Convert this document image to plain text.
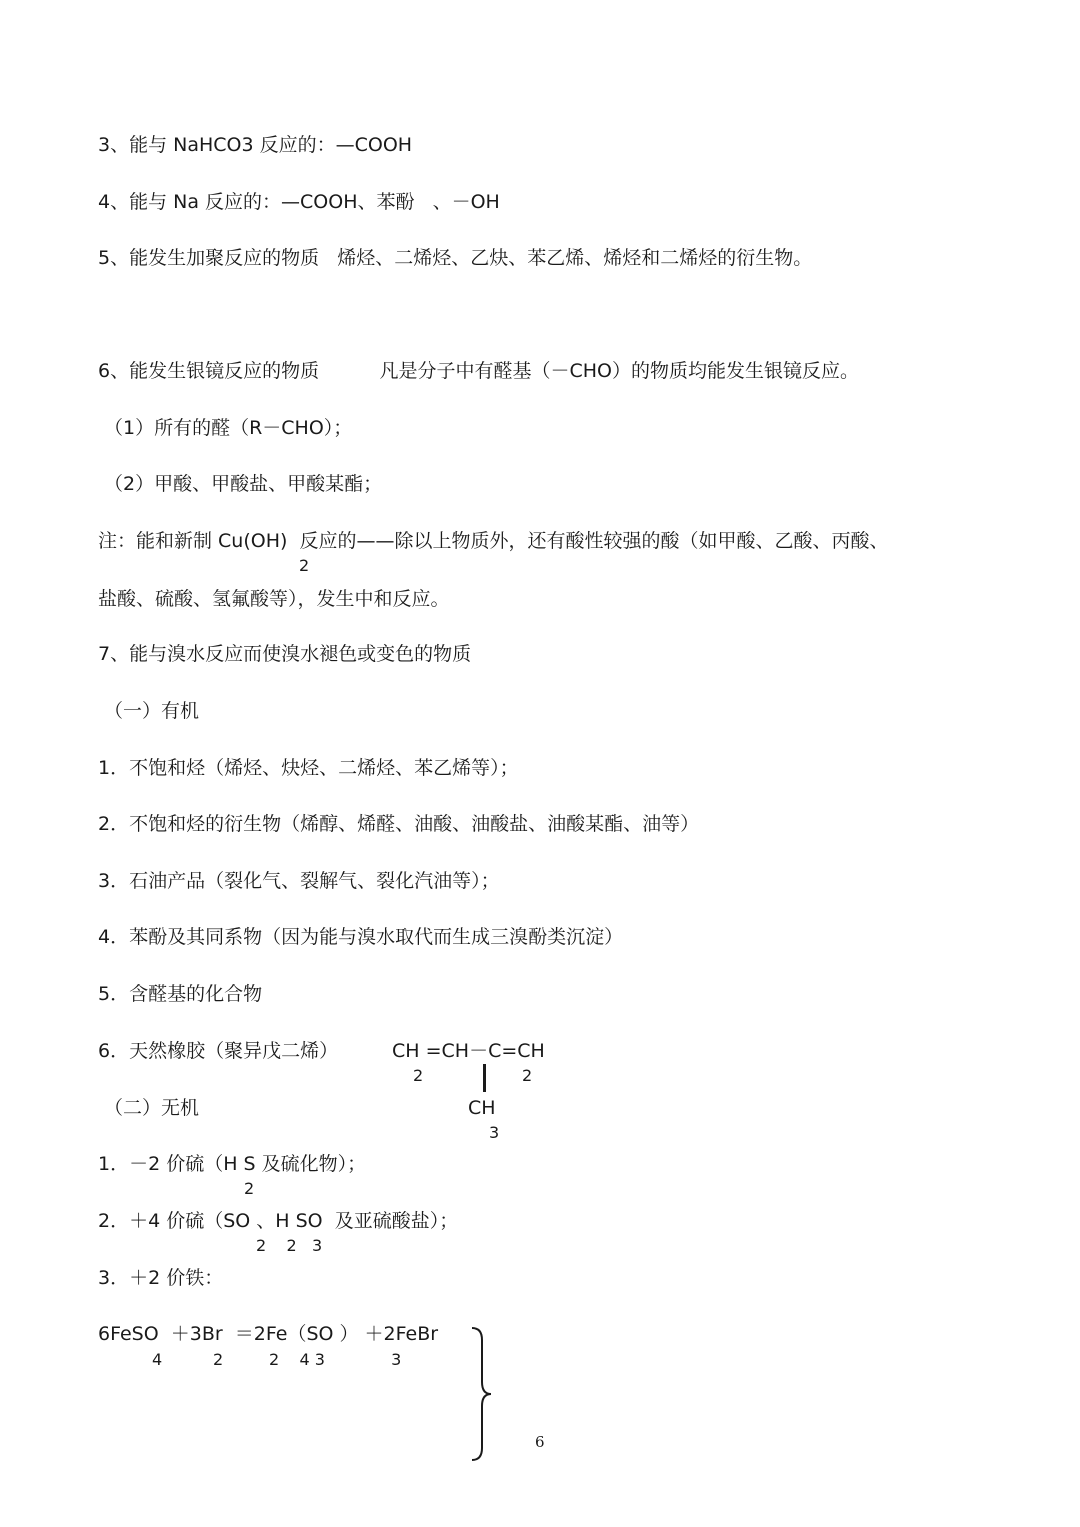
3、能与 NaHCO3 反应的：—COOH
4、能与 Na 反应的：—COOH、苯酚   、－OH
5、能发生加聚反应的物质   烯烃、二烯烃、乙炔、苯乙烯、烯烃和二烯烃的衍生物。
6、能发生银镜反应的物质          凡是分子中有醛基（－CHO）的物质均能发生银镜反应。
（1）所有的醛（R－CHO）；
（2）甲酸、甲酸盐、甲酸某酯；
注：能和新制 Cu(OH)  反应的——除以上物质外，还有酸性较强的酸（如甲酸、乙酸、丙酸、
2
盐酸、硫酸、氢氟酸等），发生中和反应。
7、能与溴水反应而使溴水褪色或变色的物质
（一）有机
1．不饱和烃（烯烃、炔烃、二烯烃、苯乙烯等）；
2．不饱和烃的衍生物（烯醇、烯醛、油酸、油酸盐、油酸某酯、油等）
3．石油产品（裂化气、裂解气、裂化汽油等）；
4．苯酚及其同系物（因为能与溴水取代而生成三溴酚类沉淀）
5．含醛基的化合物
6．天然橡胶（聚异戊二烯）	CH =CH－C=CH
2	2
CH
3
（二）无机
1．－2 价硫（H S 及硫化物）；
2
2．＋4 价硫（SO 、H SO  及亚硫酸盐）；
2    2   3
3．＋2 价铁：
6FeSO  ＋3Br  ＝2Fe（SO ） ＋2FeBr
4          2         2    4 3             3
6
